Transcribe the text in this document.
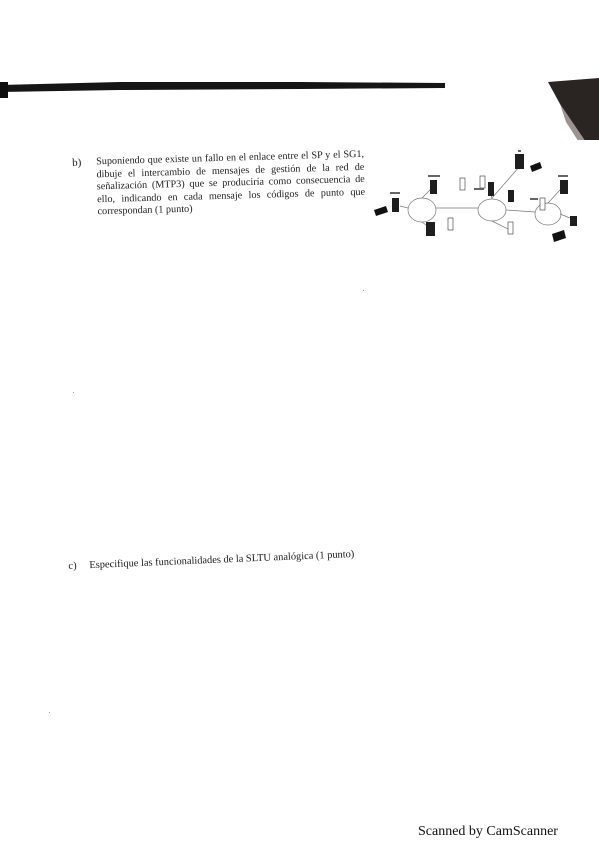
b) Suponiendo que existe un fallo en el enlace entre el SP y el SG1, dibuje el intercambio de mensajes de gestión de la red de señalización (MTP3) que se produciría como consecuencia de ello, indicando en cada mensaje los códigos de punto que correspondan (1 punto)
c) Especifique las funcionalidades de la SLTU analógica (1 punto)
Scanned by CamScanner
